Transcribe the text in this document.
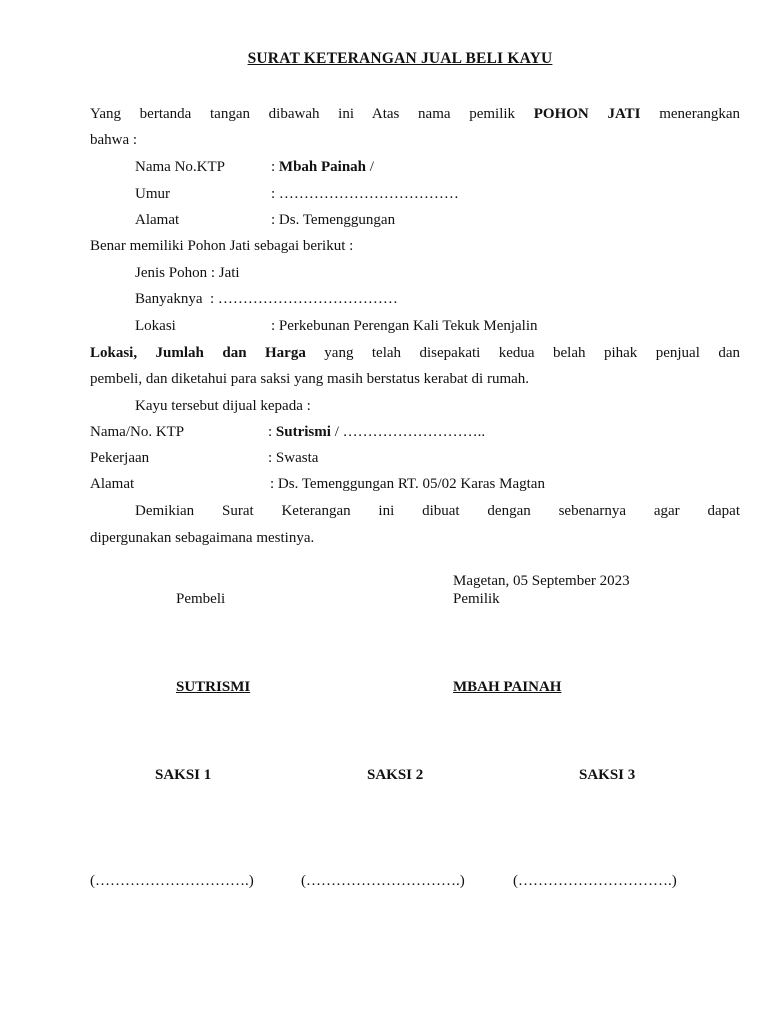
SURAT KETERANGAN JUAL BELI KAYU
Yang bertanda tangan dibawah ini Atas nama pemilik POHON JATI menerangkan
bahwa :
Nama No.KTP	: Mbah Painah /
Umur	: ………………………………
Alamat	: Ds. Temenggungan
Benar memiliki Pohon Jati sebagai berikut :
Jenis Pohon : Jati
Banyaknya : ………………………………
Lokasi	: Perkebunan Perengan Kali Tekuk Menjalin
Lokasi, Jumlah dan Harga yang telah disepakati kedua belah pihak penjual dan
pembeli, dan diketahui para saksi yang masih berstatus kerabat di rumah.
Kayu tersebut dijual kepada :
Nama/No. KTP	: Sutrismi / ………………………..
Pekerjaan	: Swasta
Alamat	: Ds. Temenggungan RT. 05/02 Karas Magtan
Demikian Surat Keterangan ini dibuat dengan sebenarnya agar dapat
dipergunakan sebagaimana mestinya.
Magetan, 05 September 2023
Pembeli	Pemilik
SUTRISMI	MBAH PAINAH
SAKSI 1	SAKSI 2	SAKSI 3
(………………………….)	(………………………….)	(………………………….)
